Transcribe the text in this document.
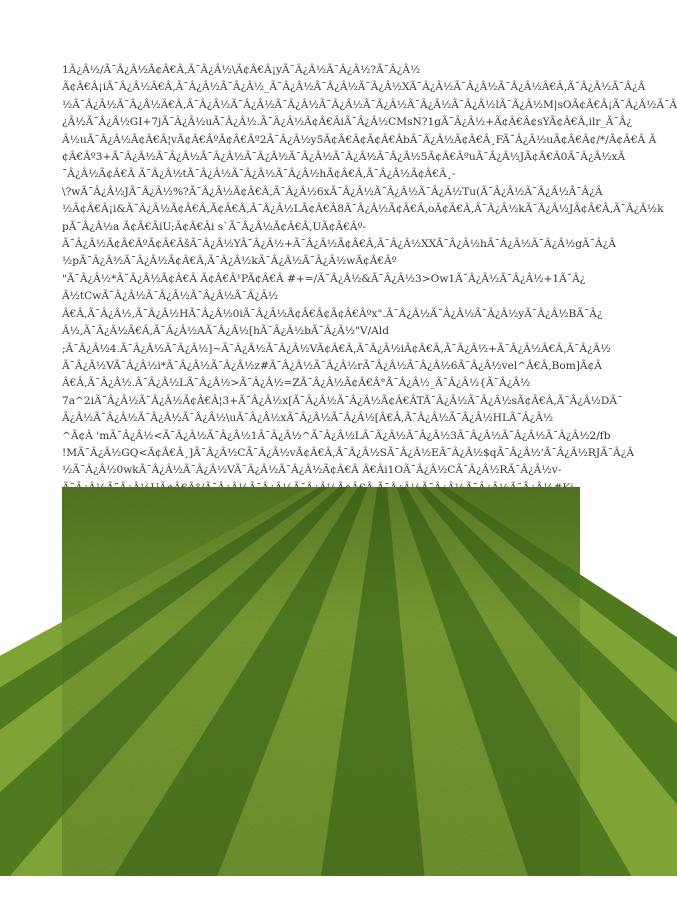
1Ã¿Â½/Ã¯Â¿Â½Ã¢Â€Â‚Ã¯Â¿Â½\Ã¢Â€Â¡yÃ¯Â¿Â½Ã¯Â¿Â½?Ã¯Â¿Â½
Ã¢Â€Â¡iÃ¯Â¿Â½Â€Â‚Ã¯Â¿Â½Ã¯Â¿Â½_Ã¯Â¿Â½Ã¯Â¿Â½Ã¯Â¿Â½XÃ¯Â¿Â½Ã¯Â¿Â½Ã¯Â¿Â½Â€Â‚Ã¯Â¿Â½Ã¯Â¿Â
½Ã¯Â¿Â½Ã¯Â¿Â½Â€Â‚Ã¯Â¿Â½Ã¯Â¿Â½Ã¯Â¿Â½Ã¯Â¿Â½Ã¯Â¿Â½Ã¯Â¿Â½Ã¯Â¿Â½lÃ¯Â¿Â½M|sOÃ¢Â€Â¡Ã¯Â¿Â½Ã¯Â
¿Â½Ã¯Â¿Â½GI+7jÃ¯Â¿Â½uÃ¯Â¿Â½.Ã¯Â¿Â½Ã¢Â€ÂiÃ¯Â¿Â½CMsN?1gÃ¯Â¿Â½+Ã¢Â€Â¢sYÃ¢Â€Â‚ilr_Ã¯Â¿
Â½uÃ¯Â¿Â½Ã¢Â€Â¦vÃ¢Â€ÂºÃ¢Â€Âº2Ã¯Â¿Â½y5Ã¢Â€Â¢Ã¢Â€ÂbÃ¯Â¿Â½Ã¢Â€Â¸FÃ¯Â¿Â½uÃ¢Â€Â¢/*/Ã¢Â€Â Ã
¢Â€Âº3+Ã¯Â¿Â½Ã¯Â¿Â½Ã¯Â¿Â½Ã¯Â¿Â½Ã¯Â¿Â½Ã¯Â¿Â½Ã¯Â¿Â½5Ã¢Â€ÂºuÃ¯Â¿Â½JÃ¢Â€Â0Ã¯Â¿Â½xÃ
¯Â¿Â½Ã¢Â€Â Ã¯Â¿Â½tÃ¯Â¿Â½Ã¯Â¿Â½Ã¯Â¿Â½hÃ¢Â€Â‚Ã¯Â¿Â½Ã¢Â€Â¸-
\?wÃ¯Â¿Â½JÃ¯Â¿Â½%?Ã¯Â¿Â½Ã¢Â€Â‚Ã¯Â¿Â½6xÃ¯Â¿Â½Ã¯Â¿Â½Ã¯Â¿Â½Tu(Ã¯Â¿Â½Ã¯Â¿Â½Ã¯Â¿Â
½Ã¢Â€Â¡i&Ã¯Â¿Â½Ã¢Â€Â‚Ã¢Â€Â‚Ã¯Â¿Â½LÃ¢Â€Â8Ã¯Â¿Â½Ã¢Â€Â‚oÃ¢Â€Â‚Ã¯Â¿Â½kÃ¯Â¿Â½JÃ¢Â€Â‚Ã¯Â¿Â½k
pÃ¯Â¿Â½a Ã¢Â€ÂiU;Ã¢Â€Âi s`Ã¯Â¿Â½Ã¢Â€Â‚UÃ¢Â€Âº-
Ã¯Â¿Â½Ã¢Â€ÂºÃ¢Â€ÂšÃ¯Â¿Â½YÃ¯Â¿Â½+Ã¯Â¿Â½Ã¢Â€Â‚Ã¯Â¿Â½XXÃ¯Â¿Â½hÃ¯Â¿Â½Ã¯Â¿Â½gÃ¯Â¿Â
½pÃ¯Â¿Â½Ã¯Â¿Â½Ã¢Â€Â‚Ã¯Â¿Â½kÃ¯Â¿Â½Ã¯Â¿Â½wÃ¢Â€Âº
"Ã¯Â¿Â½*Ã¯Â¿Â½Ã¢Â€Â Ã¢Â€Â¹PÃ¢Â€Â #+=/Ã¯Â¿Â½&Ã¯Â¿Â½3>Ow1Ã¯Â¿Â½Ã¯Â¿Â½+1Ã¯Â¿
Â½tCwÃ¯Â¿Â½Ã¯Â¿Â½Ã¯Â¿Â½Ã¯Â¿Â½
Â€Â‚Ã¯Â¿Â½,Ã¯Â¿Â½HÃ¯Â¿Â½0iÃ¯Â¿Â½Ã¢Â€Â¢Ã¢Â€Âºx".Ã¯Â¿Â½Ã¯Â¿Â½Ã¯Â¿Â½yÃ¯Â¿Â½BÃ¯Â¿
Â½,Ã¯Â¿Â½Â€Â‚Ã¯Â¿Â½AÃ¯Â¿Â½[hÃ¯Â¿Â½bÃ¯Â¿Â½"V/Ald
;Ã¯Â¿Â½4.Ã¯Â¿Â½Ã¯Â¿Â½]~Ã¯Â¿Â½Ã¯Â¿Â½VÃ¢Â€Â‚Ã¯Â¿Â½iÃ¢Â€Â‚Ã¯Â¿Â½+Ã¯Â¿Â½Â€Â‚Ã¯Â¿Â½
Ã¯Â¿Â½VÃ¯Â¿Â½i*Ã¯Â¿Â½Ã¯Â¿Â½z#Ã¯Â¿Â½Ã¯Â¿Â½rÃ¯Â¿Â½Ã¯Â¿Â½6Ã¯Â¿Â½vel^Â€Â‚Bom]Ã¢Â
Â€Â‚Ã¯Â¿Â½.Ã¯Â¿Â½LÃ¯Â¿Â½>Ã¯Â¿Â½=ZÃ¯Â¿Â½Ã¢Â€Â°Ã¯Â¿Â½_Ã¯Â¿Â½{Ã¯Â¿Â½
7a^2iÃ¯Â¿Â½Ã¯Â¿Â½Ã¢Â€Â¦3+Ã¯Â¿Â½x[Ã¯Â¿Â½Ã¯Â¿Â½Ã¢Â€ÂTÃ¯Â¿Â½Ã¯Â¿Â½sÃ¢Â€Â‚Ã¯Â¿Â½DÃ¯
Â¿Â½Ã¯Â¿Â½Ã¯Â¿Â½Ã¯Â¿Â½\uÃ¯Â¿Â½xÃ¯Â¿Â½Ã¯Â¿Â½[Â€Â‚Ã¯Â¿Â½Ã¯Â¿Â½HLÃ¯Â¿Â½
^Ã¢Â 'mÃ¯Â¿Â½<Ã¯Â¿Â½Ã¯Â¿Â½1Ã¯Â¿Â½^Ã¯Â¿Â½LÃ¯Â¿Â½Ã¯Â¿Â½3Ã¯Â¿Â½Ã¯Â¿Â½Ã¯Â¿Â½2/fb
!MÃ¯Â¿Â½GQ<Ã¢Â€Â¸]Ã¯Â¿Â½CÃ¯Â¿Â½vÃ¢Â€Â‚Ã¯Â¿Â½SÃ¯Â¿Â½EÃ¯Â¿Â½$qÃ¯Â¿Â½'Ã¯Â¿Â½RJÃ¯Â¿Â
½Ã¯Â¿Â½0wkÃ¯Â¿Â½Ã¯Â¿Â½VÃ¯Â¿Â½Ã¯Â¿Â½Ã¢Â€Â Â€Âi1OÃ¯Â¿Â½CÃ¯Â¿Â½RÃ¯Â¿Â½v-
